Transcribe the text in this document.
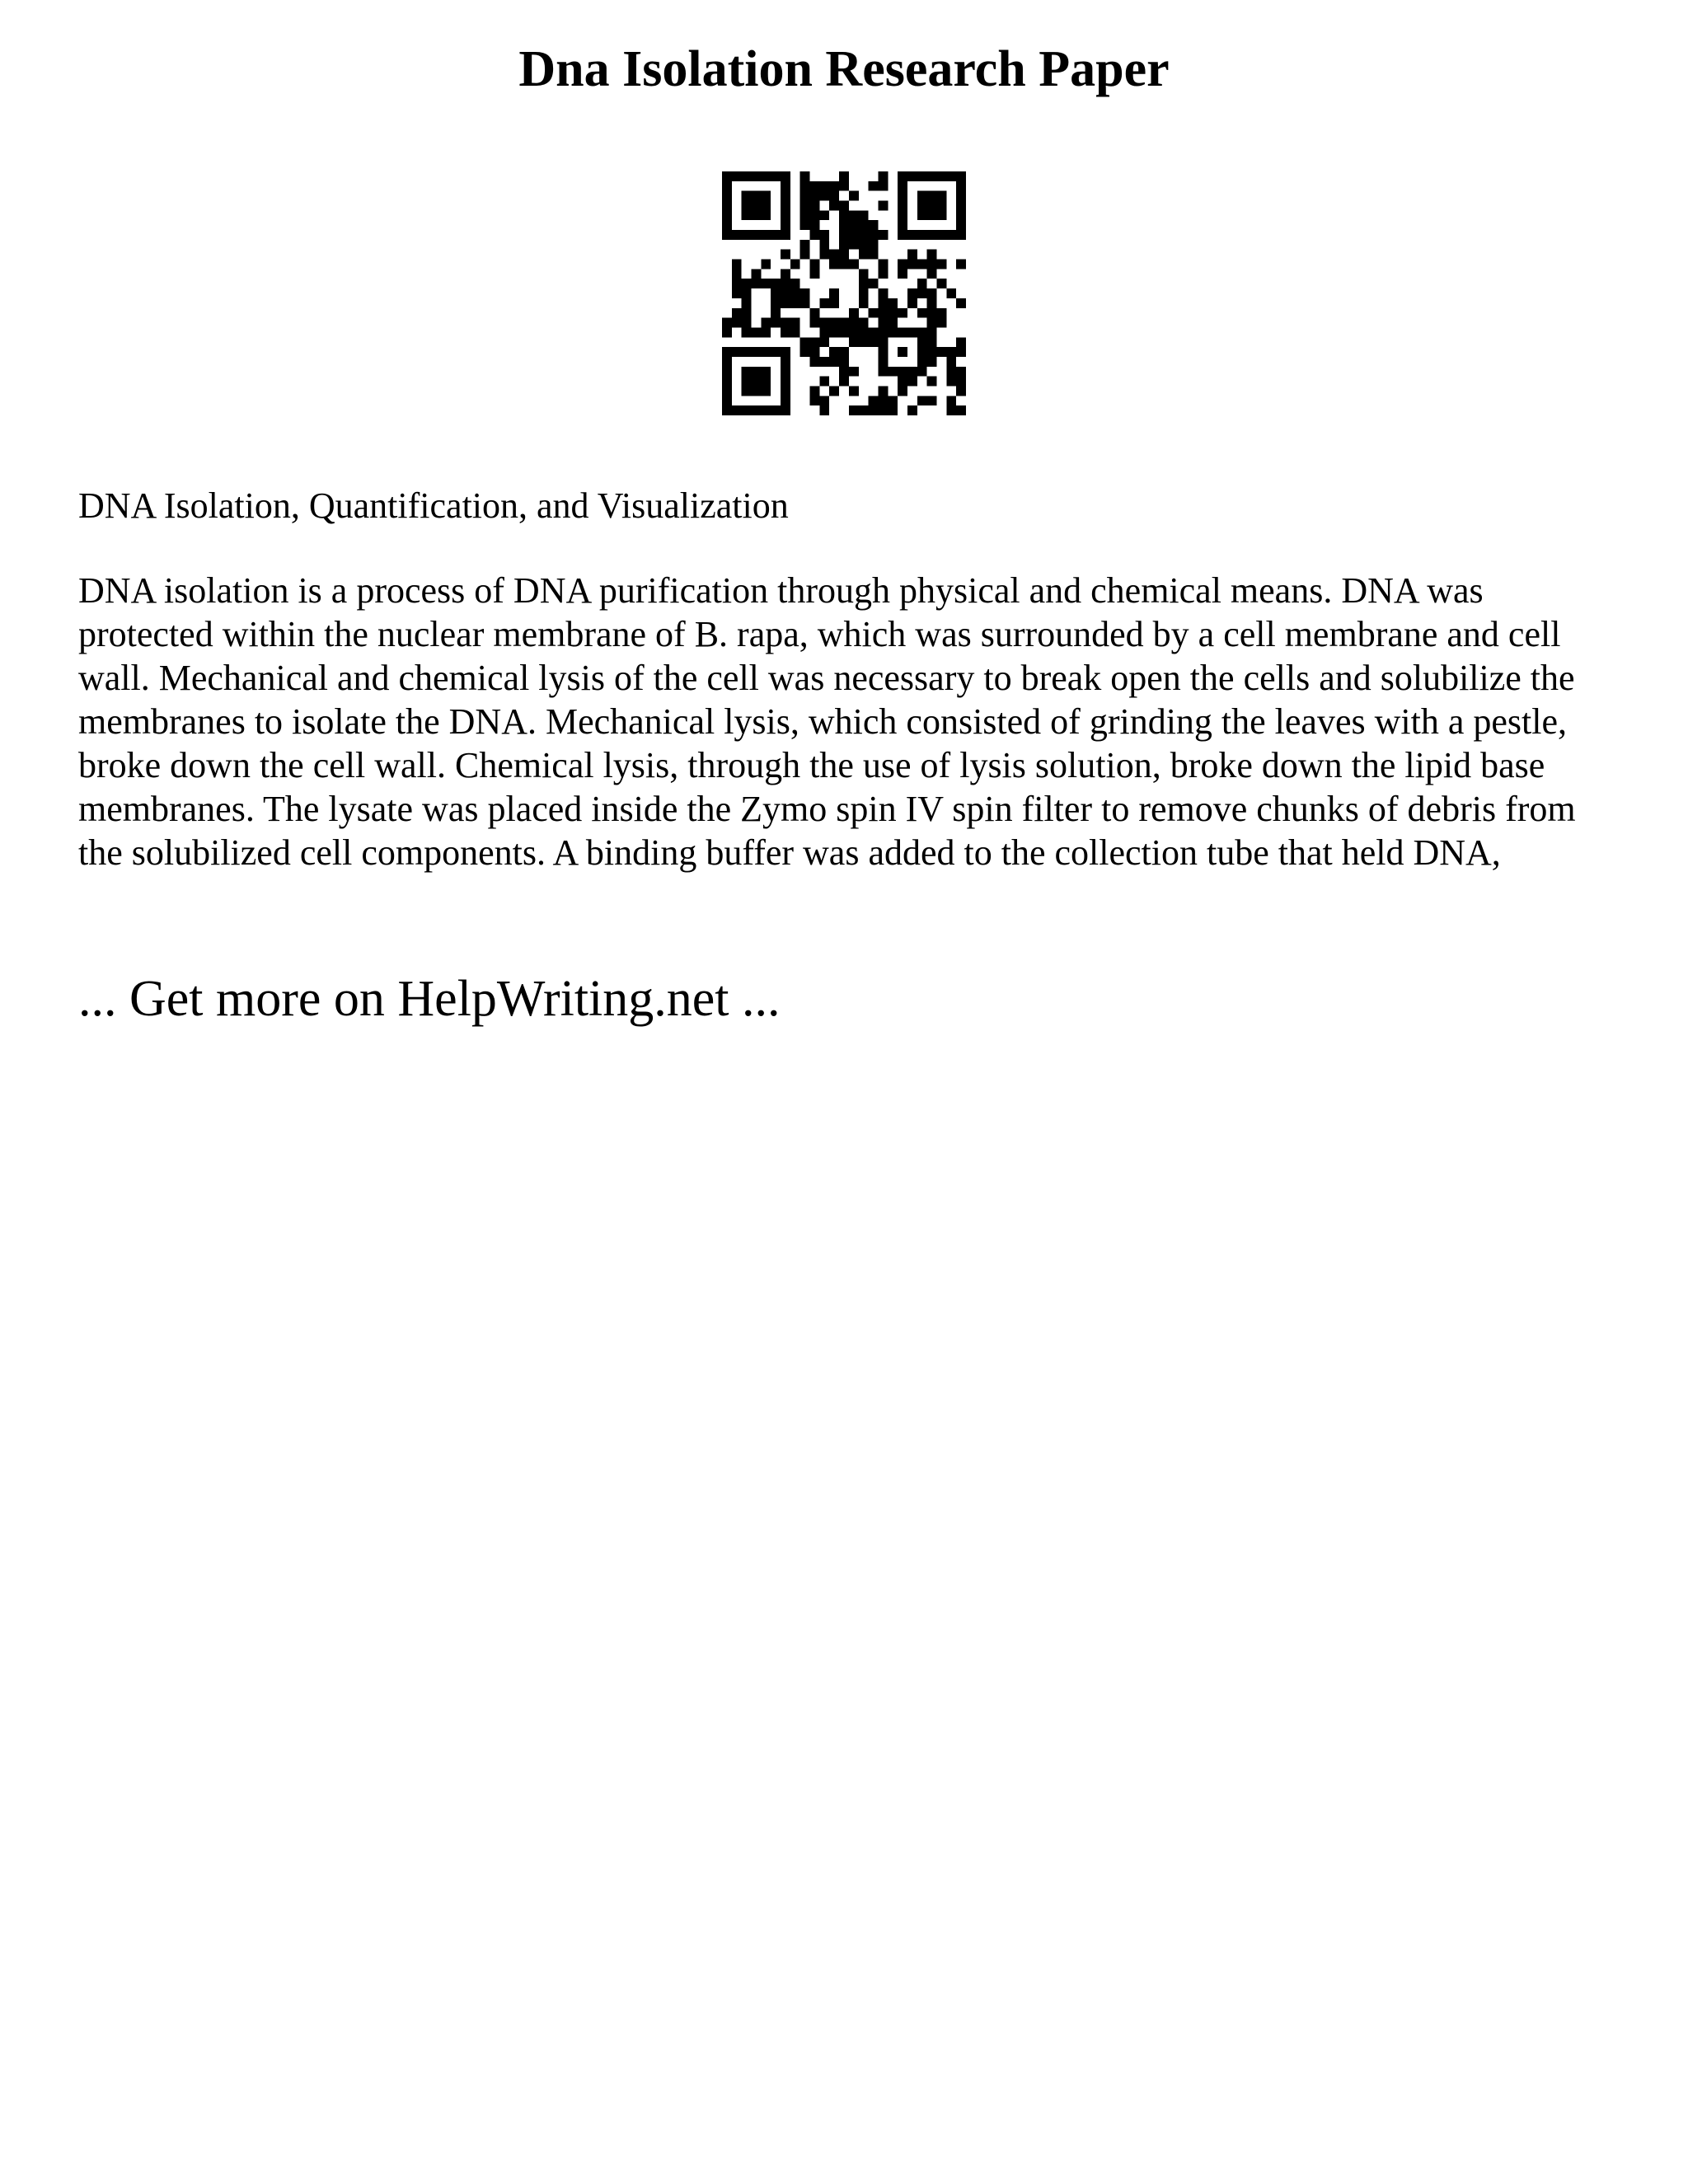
Dna Isolation Research Paper

DNA Isolation, Quantification, and Visualization

DNA isolation is a process of DNA purification through physical and chemical means. DNA was protected within the nuclear membrane of B. rapa, which was surrounded by a cell membrane and cell wall. Mechanical and chemical lysis of the cell was necessary to break open the cells and solubilize the membranes to isolate the DNA. Mechanical lysis, which consisted of grinding the leaves with a pestle, broke down the cell wall. Chemical lysis, through the use of lysis solution, broke down the lipid base membranes. The lysate was placed inside the Zymo spin IV spin filter to remove chunks of debris from the solubilized cell components. A binding buffer was added to the collection tube that held DNA,

... Get more on HelpWriting.net ...
